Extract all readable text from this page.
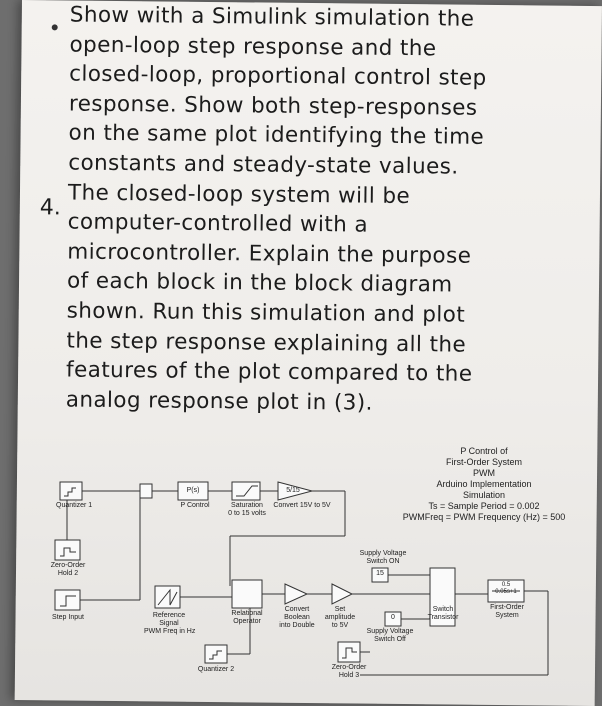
Show with a Simulink simulation the
open-loop step response and the
closed-loop, proportional control step
response. Show both step-responses
on the same plot identifying the time
constants and steady-state values.
The closed-loop system will be
computer-controlled with a
microcontroller. Explain the purpose
of each block in the block diagram
shown. Run this simulation and plot
the step response explaining all the
features of the plot compared to the
analog response plot in (3).
4.
Quantizer 1
P(s)
P Control	Saturation
0 to 15 volts
5/15
Convert 15V to 5V
Zero-Order
Hold 2
Step Input	Reference
Signal
PWM Freq in Hz
Relational
Operator
Convert
Boolean
into Double
Set
amplitude
to 5V
15
0
Supply Voltage
Switch ON
Supply Voltage
Switch Off
Switch
Transistor
0.5
0.05s+1
First-Order
System
Quantizer 2	Zero-Order
Hold 3
P Control of
First-Order System
PWM
Arduino Implementation
Simulation
Ts = Sample Period = 0.002
PWMFreq = PWM Frequency (Hz) = 500
